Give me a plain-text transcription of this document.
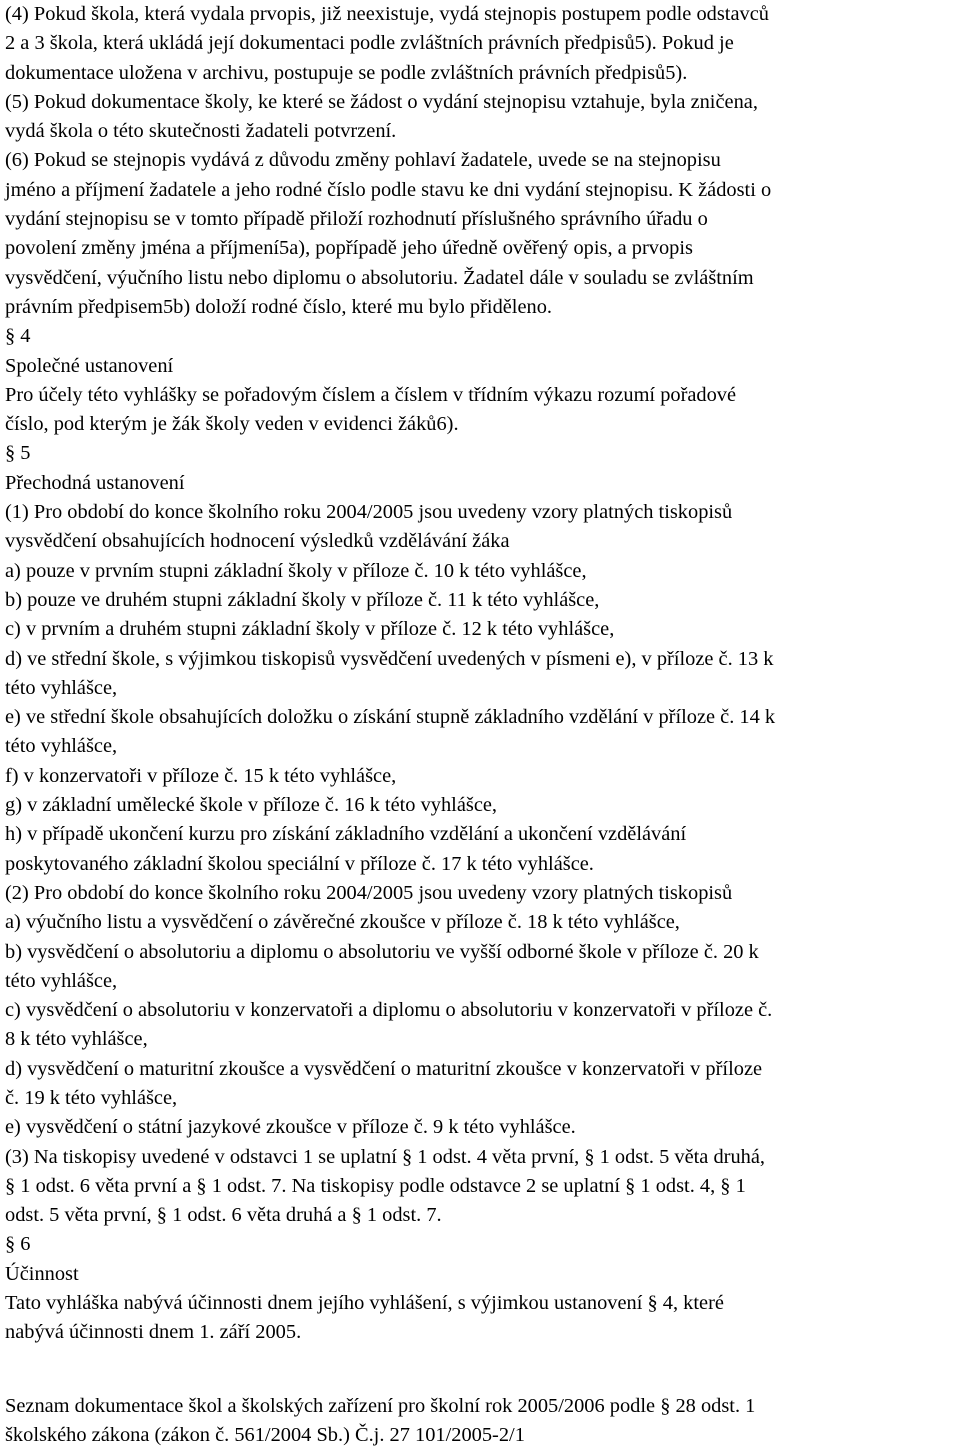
(4) Pokud škola, která vydala prvopis, již neexistuje, vydá stejnopis postupem podle odstavců
2 a 3 škola, která ukládá její dokumentaci podle zvláštních právních předpisů5). Pokud je
dokumentace uložena v archivu, postupuje se podle zvláštních právních předpisů5).
(5) Pokud dokumentace školy, ke které se žádost o vydání stejnopisu vztahuje, byla zničena,
vydá škola o této skutečnosti žadateli potvrzení.
(6) Pokud se stejnopis vydává z důvodu změny pohlaví žadatele, uvede se na stejnopisu
jméno a příjmení žadatele a jeho rodné číslo podle stavu ke dni vydání stejnopisu. K žádosti o
vydání stejnopisu se v tomto případě přiloží rozhodnutí příslušného správního úřadu o
povolení změny jména a příjmení5a), popřípadě jeho úředně ověřený opis, a prvopis
vysvědčení, výučního listu nebo diplomu o absolutoriu. Žadatel dále v souladu se zvláštním
právním předpisem5b) doloží rodné číslo, které mu bylo přiděleno.
§ 4
Společné ustanovení
Pro účely této vyhlášky se pořadovým číslem a číslem v třídním výkazu rozumí pořadové
číslo, pod kterým je žák školy veden v evidenci žáků6).
§ 5
Přechodná ustanovení
(1) Pro období do konce školního roku 2004/2005 jsou uvedeny vzory platných tiskopisů
vysvědčení obsahujících hodnocení výsledků vzdělávání žáka
a) pouze v prvním stupni základní školy v příloze č. 10 k této vyhlášce,
b) pouze ve druhém stupni základní školy v příloze č. 11 k této vyhlášce,
c) v prvním a druhém stupni základní školy v příloze č. 12 k této vyhlášce,
d) ve střední škole, s výjimkou tiskopisů vysvědčení uvedených v písmeni e), v příloze č. 13 k
této vyhlášce,
e) ve střední škole obsahujících doložku o získání stupně základního vzdělání v příloze č. 14 k
této vyhlášce,
f) v konzervatoři v příloze č. 15 k této vyhlášce,
g) v základní umělecké škole v příloze č. 16 k této vyhlášce,
h) v případě ukončení kurzu pro získání základního vzdělání a ukončení vzdělávání
poskytovaného základní školou speciální v příloze č. 17 k této vyhlášce.
(2) Pro období do konce školního roku 2004/2005 jsou uvedeny vzory platných tiskopisů
a) výučního listu a vysvědčení o závěrečné zkoušce v příloze č. 18 k této vyhlášce,
b) vysvědčení o absolutoriu a diplomu o absolutoriu ve vyšší odborné škole v příloze č. 20 k
této vyhlášce,
c) vysvědčení o absolutoriu v konzervatoři a diplomu o absolutoriu v konzervatoři v příloze č.
8 k této vyhlášce,
d) vysvědčení o maturitní zkoušce a vysvědčení o maturitní zkoušce v konzervatoři v příloze
č. 19 k této vyhlášce,
e) vysvědčení o státní jazykové zkoušce v příloze č. 9 k této vyhlášce.
(3) Na tiskopisy uvedené v odstavci 1 se uplatní § 1 odst. 4 věta první, § 1 odst. 5 věta druhá,
§ 1 odst. 6 věta první a § 1 odst. 7. Na tiskopisy podle odstavce 2 se uplatní § 1 odst. 4, § 1
odst. 5 věta první, § 1 odst. 6 věta druhá a § 1 odst. 7.
§ 6
Účinnost
Tato vyhláška nabývá účinnosti dnem jejího vyhlášení, s výjimkou ustanovení § 4, které
nabývá účinnosti dnem 1. září 2005.
Seznam dokumentace škol a školských zařízení pro školní rok 2005/2006 podle § 28 odst. 1
školského zákona (zákon č. 561/2004 Sb.) Č.j. 27 101/2005-2/1
